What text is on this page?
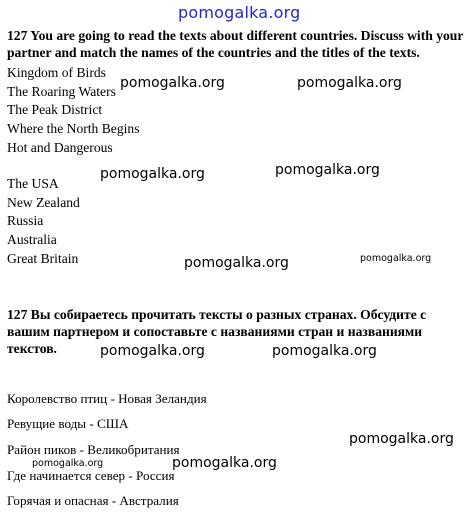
pomogalka.org
127 You are going to read the texts about different countries. Discuss with your partner and match the names of the countries and the titles of the texts.
Kingdom of Birds
The Roaring Waters
The Peak District
Where the North Begins
Hot and Dangerous
The USA
New Zealand
Russia
Australia
Great Britain
127 Вы собираетесь прочитать тексты о разных странах. Обсудите с вашим партнером и сопоставьте с названиями стран и названиями текстов.
Королевство птиц - Новая Зеландия
Ревущие воды - США
Район пиков - Великобритания
Где начинается север - Россия
Горячая и опасная - Австралия
pomogalka.org	pomogalka.org
pomogalka.org	pomogalka.org
pomogalka.org	pomogalka.org
pomogalka.org	pomogalka.org
pomogalka.org
pomogalka.org	pomogalka.org
